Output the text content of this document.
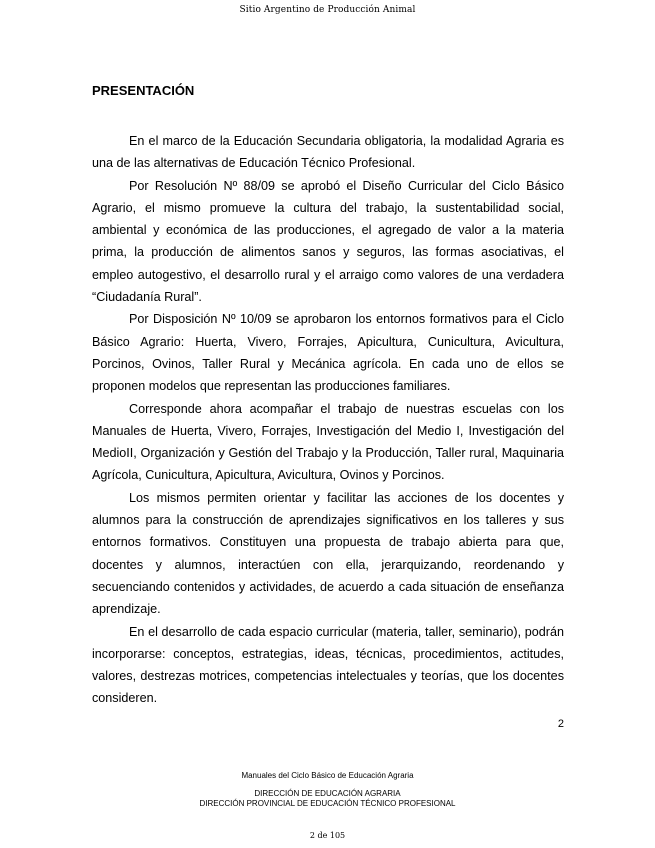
Sitio Argentino de Producción Animal
PRESENTACIÓN

En el marco de la Educación Secundaria obligatoria, la modalidad Agraria es una de las alternativas de Educación Técnico Profesional.

Por Resolución Nº 88/09 se aprobó el Diseño Curricular del Ciclo Básico Agrario, el mismo promueve la cultura del trabajo, la sustentabilidad social, ambiental y económica de las producciones, el agregado de valor a la materia prima, la producción de alimentos sanos y seguros, las formas asociativas, el empleo autogestivo, el desarrollo rural y el arraigo como valores de una verdadera “Ciudadanía Rural”.

Por Disposición Nº 10/09 se aprobaron los entornos formativos para el Ciclo Básico Agrario: Huerta, Vivero, Forrajes, Apicultura, Cunicultura, Avicultura, Porcinos, Ovinos, Taller Rural y Mecánica agrícola. En cada uno de ellos se proponen modelos que representan las producciones familiares.

Corresponde ahora acompañar el trabajo de nuestras escuelas con los Manuales de Huerta, Vivero, Forrajes, Investigación del Medio I, Investigación del MedioII, Organización y Gestión del Trabajo y la Producción, Taller rural, Maquinaria Agrícola, Cunicultura, Apicultura, Avicultura, Ovinos y Porcinos.

Los mismos permiten orientar y facilitar las acciones de los docentes y alumnos para la construcción de aprendizajes significativos en los talleres y sus entornos formativos. Constituyen una propuesta de trabajo abierta para que, docentes y alumnos, interactúen con ella, jerarquizando, reordenando y secuenciando contenidos y actividades, de acuerdo a cada situación de enseñanza aprendizaje.

En el desarrollo de cada espacio curricular (materia, taller, seminario), podrán incorporarse: conceptos, estrategias, ideas, técnicas, procedimientos, actitudes, valores, destrezas motrices, competencias intelectuales y teorías, que los docentes consideren.

2
Manuales del Ciclo Básico de Educación Agraria
DIRECCIÓN DE EDUCACIÓN AGRARIA
DIRECCIÓN PROVINCIAL DE EDUCACIÓN TÉCNICO PROFESIONAL
2 de 105
